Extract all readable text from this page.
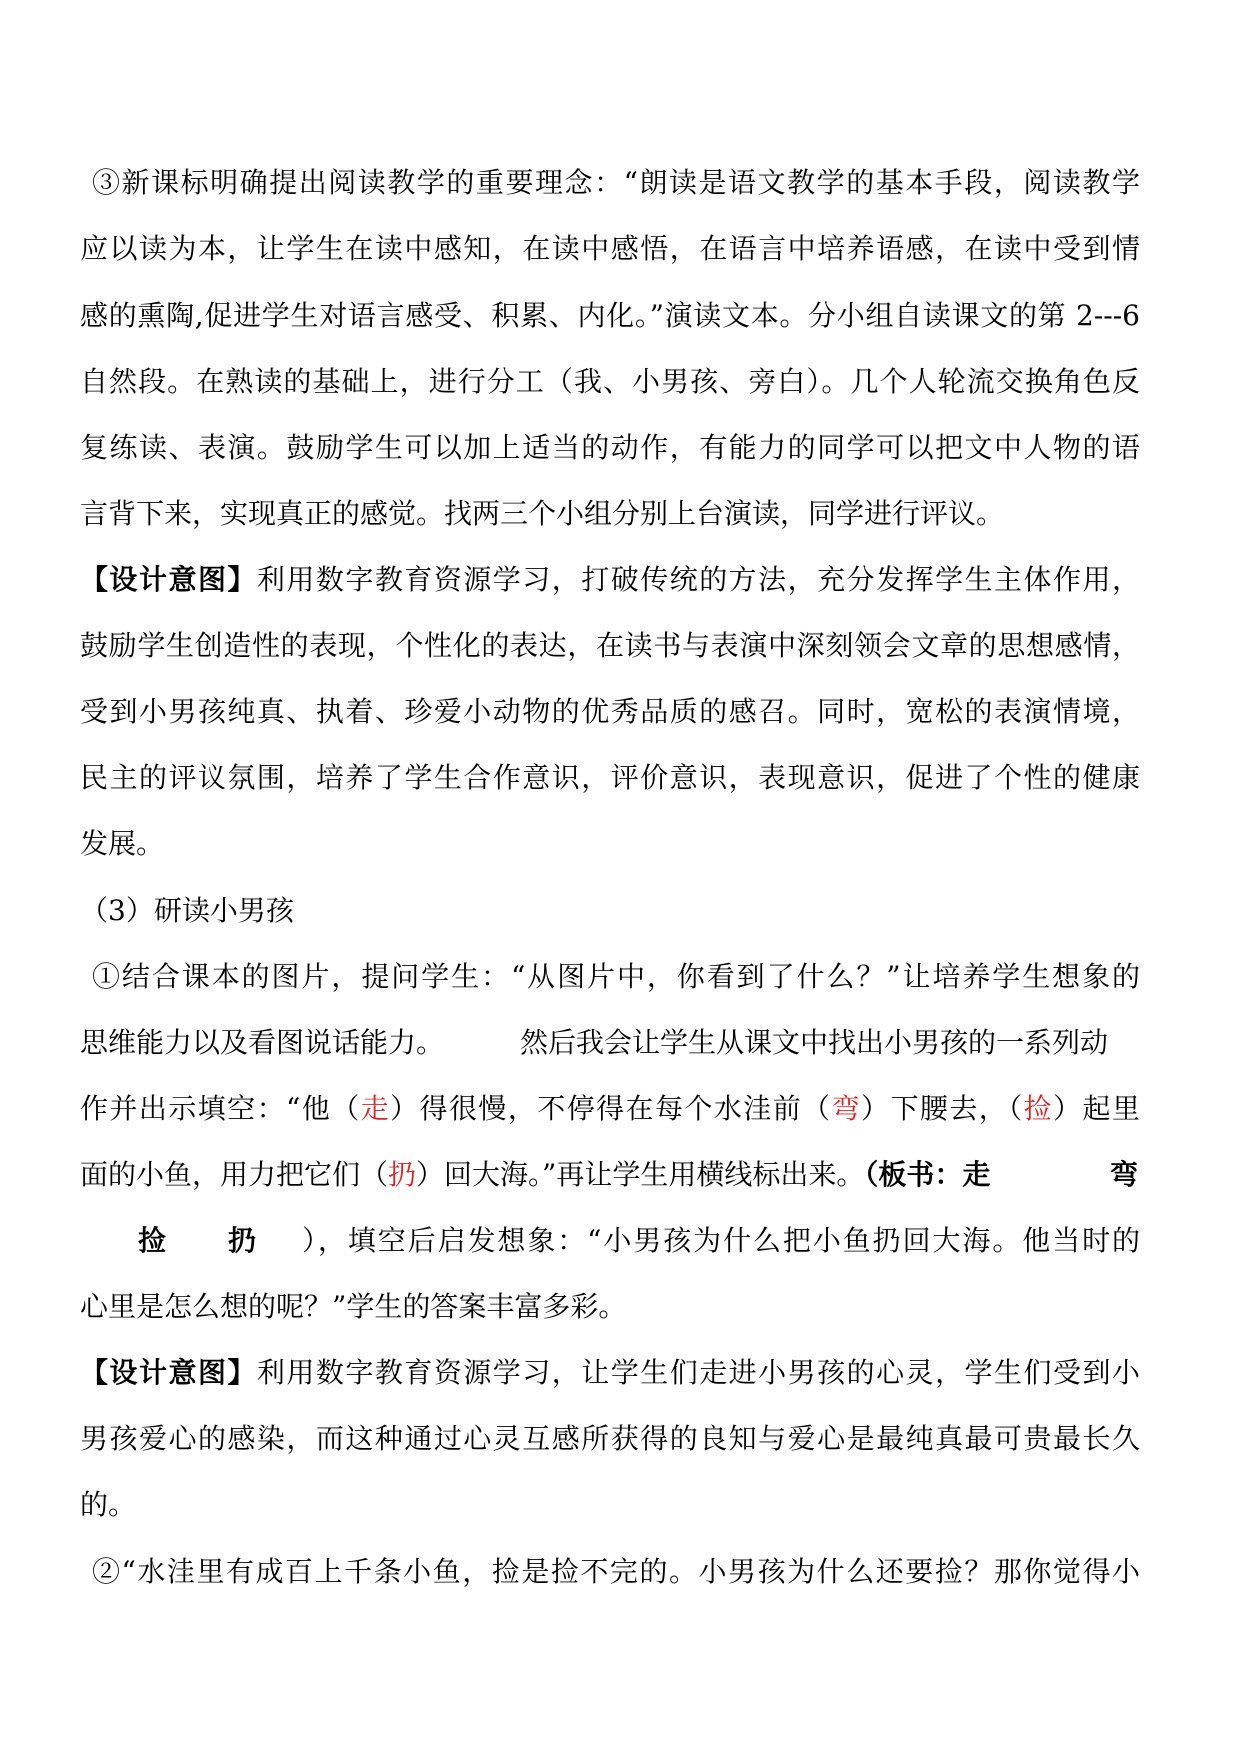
③新课标明确提出阅读教学的重要理念：“朗读是语文教学的基本手段，阅读教学
应以读为本，让学生在读中感知，在读中感悟，在语言中培养语感，在读中受到情
感的熏陶,促进学生对语言感受、积累、内化。”演读文本。分小组自读课文的第 2---6
自然段。在熟读的基础上，进行分工（我、小男孩、旁白）。几个人轮流交换角色反
复练读、表演。鼓励学生可以加上适当的动作，有能力的同学可以把文中人物的语
言背下来，实现真正的感觉。找两三个小组分别上台演读，同学进行评议。
【设计意图】利用数字教育资源学习，打破传统的方法，充分发挥学生主体作用，
鼓励学生创造性的表现，个性化的表达，在读书与表演中深刻领会文章的思想感情，
受到小男孩纯真、执着、珍爱小动物的优秀品质的感召。同时，宽松的表演情境，
民主的评议氛围，培养了学生合作意识，评价意识，表现意识，促进了个性的健康
发展。
（3）研读小男孩
①结合课本的图片，提问学生：“从图片中，你看到了什么？”让培养学生想象的
思维能力以及看图说话能力。	然后我会让学生从课文中找出小男孩的一系列动
作并出示填空：“他（走）得很慢，不停得在每个水洼前（弯）下腰去，（捡）起里
面的小鱼，用力把它们（扔）回大海。”再让学生用横线标出来。（板书：走	弯
捡 扔 ），填空后启发想象：“小男孩为什么把小鱼扔回大海。他当时的
心里是怎么想的呢？”学生的答案丰富多彩。
【设计意图】利用数字教育资源学习，让学生们走进小男孩的心灵，学生们受到小
男孩爱心的感染，而这种通过心灵互感所获得的良知与爱心是最纯真最可贵最长久
的。
②“水洼里有成百上千条小鱼，捡是捡不完的。小男孩为什么还要捡？那你觉得小
